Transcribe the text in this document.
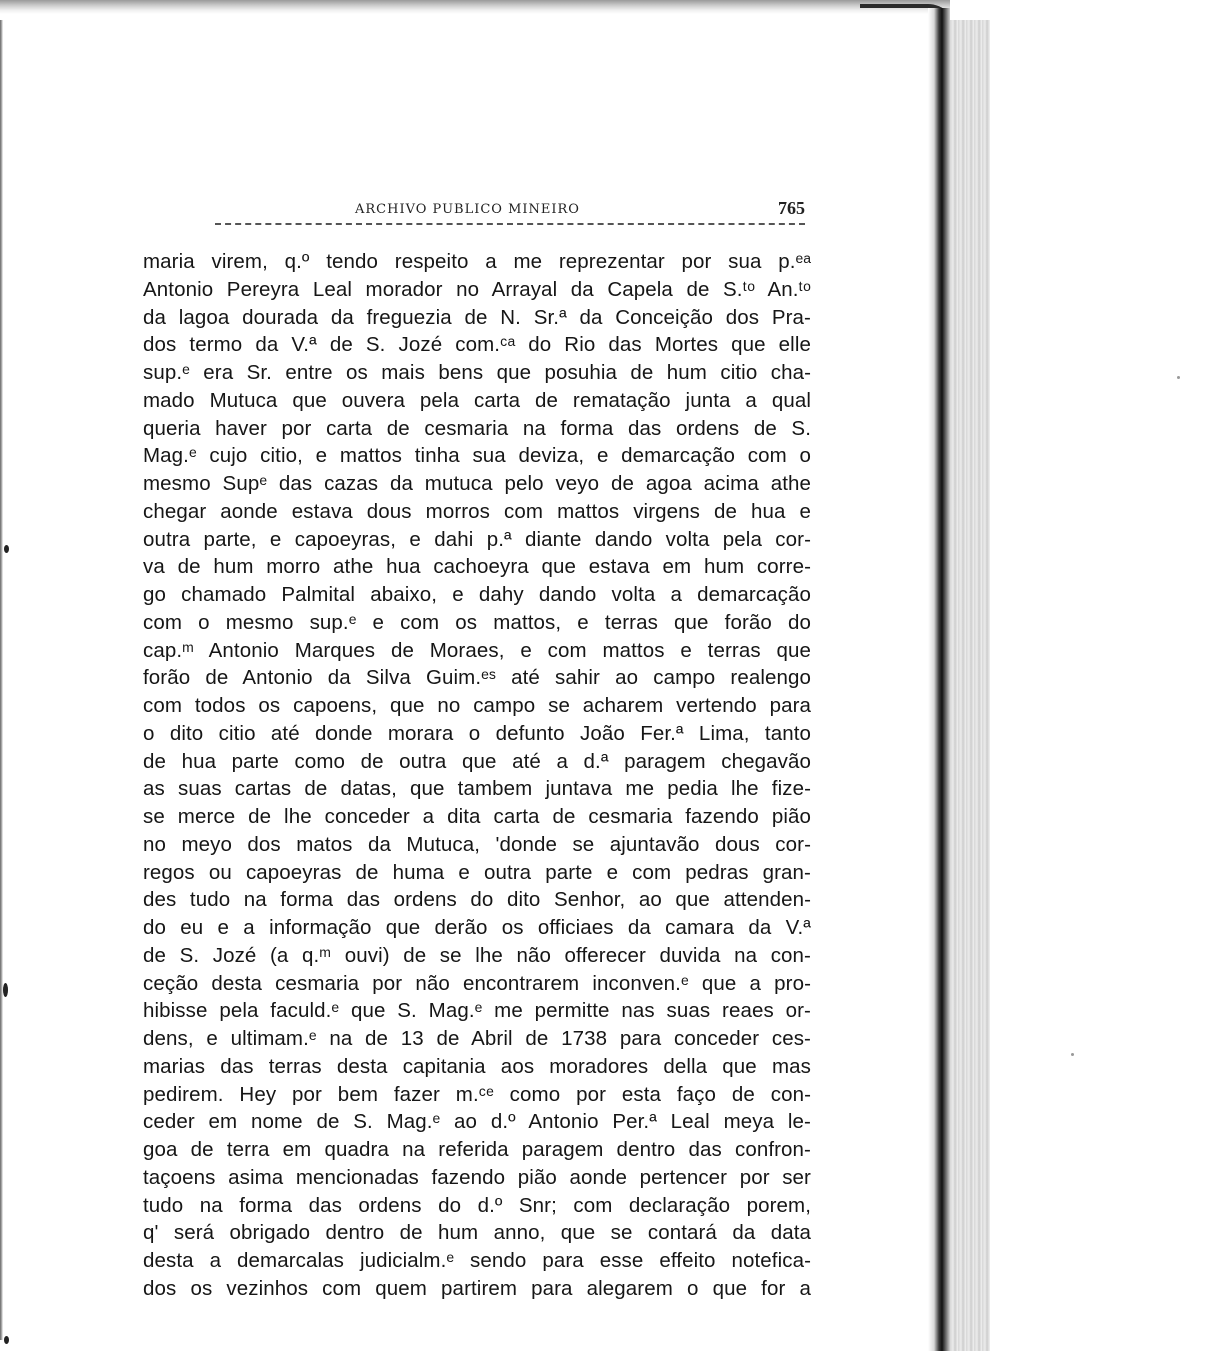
ARCHIVO PUBLICO MINEIRO	765
maria virem, q.º tendo respeito a me reprezentar por sua p.ᵉᵃ
Antonio Pereyra Leal morador no Arrayal da Capela de S.ᵗᵒ An.ᵗᵒ
da lagoa dourada da freguezia de N. Sr.ª da Conceição dos Pra-
dos termo da V.ª de S. Jozé com.ᶜᵃ do Rio das Mortes que elle
sup.ᵉ era Sr. entre os mais bens que posuhia de hum citio cha-
mado Mutuca que ouvera pela carta de rematação junta a qual
queria haver por carta de cesmaria na forma das ordens de S.
Mag.ᵉ cujo citio, e mattos tinha sua deviza, e demarcação com o
mesmo Supᵉ das cazas da mutuca pelo veyo de agoa acima athe
chegar aonde estava dous morros com mattos virgens de hua e
outra parte, e capoeyras, e dahi p.ª diante dando volta pela cor-
va de hum morro athe hua cachoeyra que estava em hum corre-
go chamado Palmital abaixo, e dahy dando volta a demarcação
com o mesmo sup.ᵉ e com os mattos, e terras que forão do
cap.ᵐ Antonio Marques de Moraes, e com mattos e terras que
forão de Antonio da Silva Guim.ᵉˢ até sahir ao campo realengo
com todos os capoens, que no campo se acharem vertendo para
o dito citio até donde morara o defunto João Fer.ª Lima, tanto
de hua parte como de outra que até a d.ª paragem chegavão
as suas cartas de datas, que tambem juntava me pedia lhe fize-
se merce de lhe conceder a dita carta de cesmaria fazendo pião
no meyo dos matos da Mutuca, 'donde se ajuntavão dous cor-
regos ou capoeyras de huma e outra parte e com pedras gran-
des tudo na forma das ordens do dito Senhor, ao que attenden-
do eu e a informação que derão os officiaes da camara da V.ª
de S. Jozé (a q.ᵐ ouvi) de se lhe não offerecer duvida na con-
ceção desta cesmaria por não encontrarem inconven.ᵉ que a pro-
hibisse pela faculd.ᵉ que S. Mag.ᵉ me permitte nas suas reaes or-
dens, e ultimam.ᵉ na de 13 de Abril de 1738 para conceder ces-
marias das terras desta capitania aos moradores della que mas
pedirem. Hey por bem fazer m.ᶜᵉ como por esta faço de con-
ceder em nome de S. Mag.ᵉ ao d.º Antonio Per.ª Leal meya le-
goa de terra em quadra na referida paragem dentro das confron-
taçoens asima mencionadas fazendo pião aonde pertencer por ser
tudo na forma das ordens do d.º Snr; com declaração porem,
q' será obrigado dentro de hum anno, que se contará da data
desta a demarcalas judicialm.ᵉ sendo para esse effeito notefica-
dos os vezinhos com quem partirem para alegarem o que for a
